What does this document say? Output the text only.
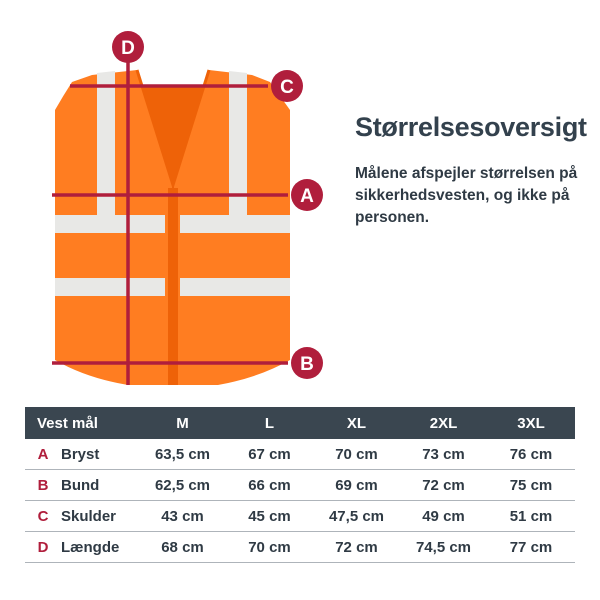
D
C
A
B
Størrelsesoversigt

Målene afspejler størrelsen på sikkerhedsvesten, og ikke på personen.

Vest mål		M	L	XL	2XL	3XL
A	Bryst	63,5 cm	67 cm	70 cm	73 cm	76 cm
B	Bund	62,5 cm	66 cm	69 cm	72 cm	75 cm
C	Skulder	43 cm	45 cm	47,5 cm	49 cm	51 cm
D	Længde	68 cm	70 cm	72 cm	74,5 cm	77 cm
